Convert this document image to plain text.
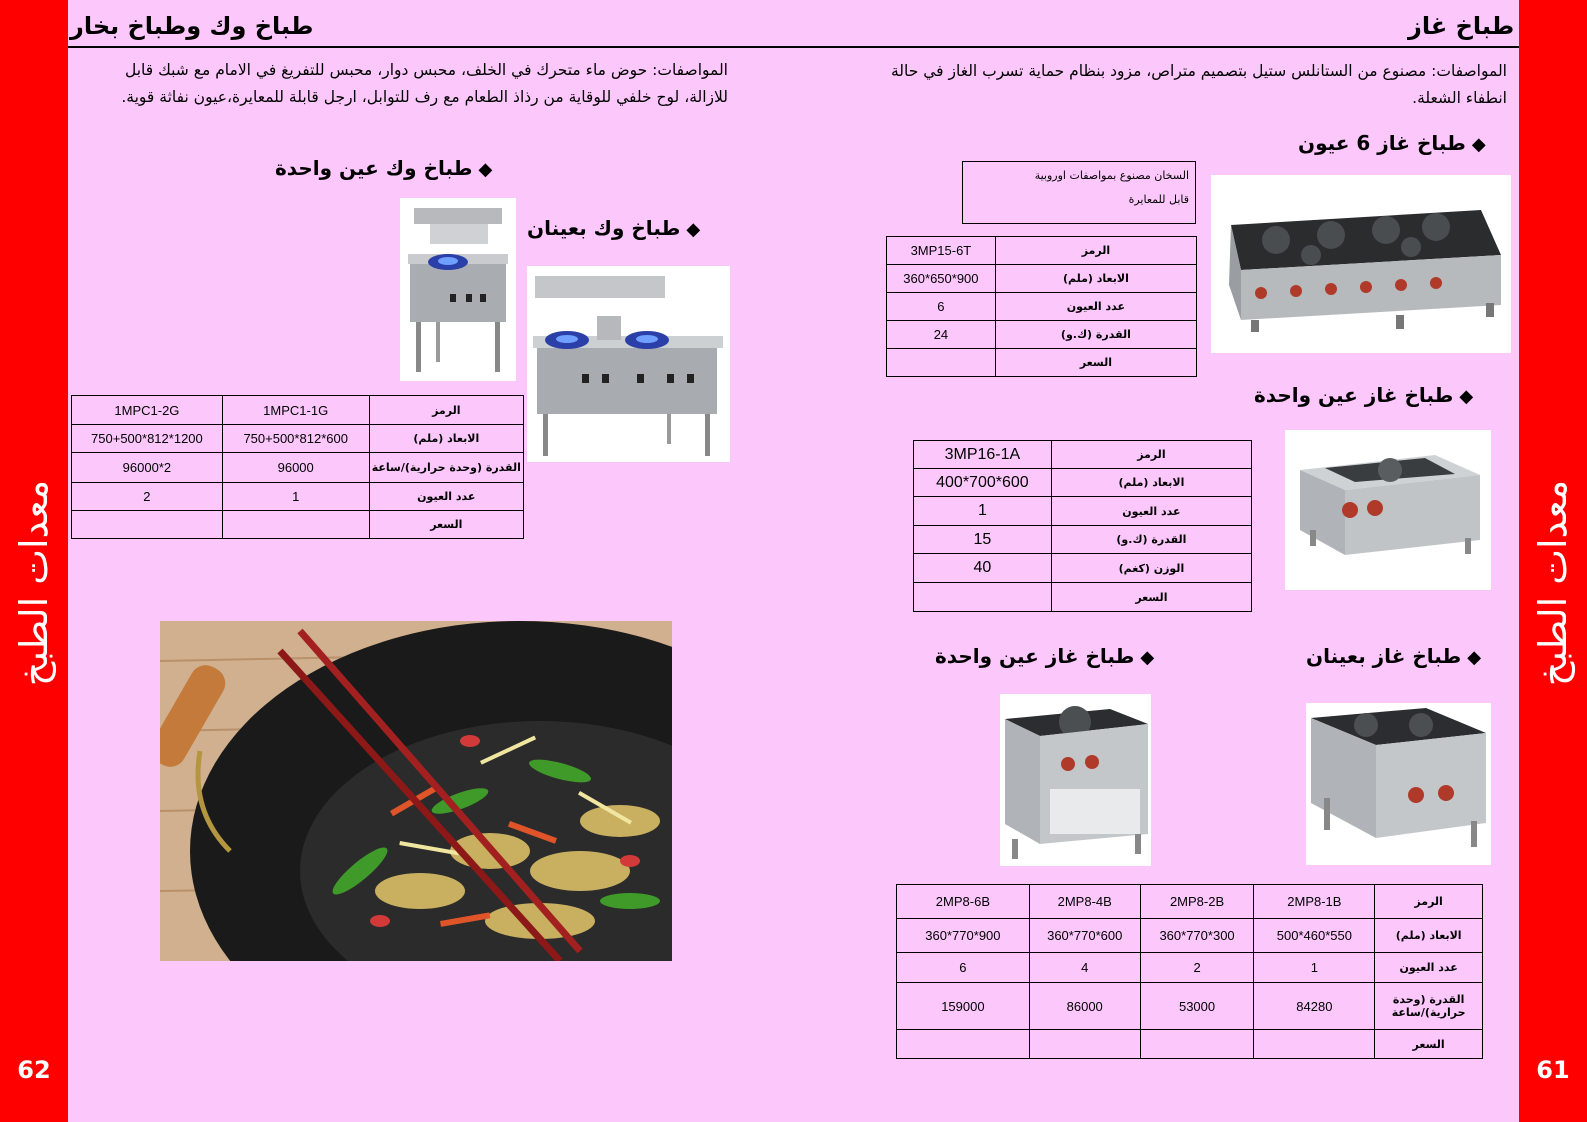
معدات الطبخ
62
معدات الطبخ
61
طباخ وك وطباخ بخار
المواصفات: حوض ماء متحرك في الخلف، محبس دوار، محبس للتفريغ في الامام مع شبك قابل للازالة، لوح خلفي للوقاية من رذاذ الطعام مع رف للتوابل، ارجل قابلة للمعايرة،عيون نفاثة قوية.
◆طباخ وك عين واحدة
◆طباخ وك بعينان
الرمز	1MPC1-1G	1MPC1-2G
الابعاد (ملم)	600*812*750+500	1200*812*750+500
القدرة (وحدة حرارية)/ساعة	96000	2*96000
عدد العيون	1	2
السعر		
طباخ غاز
المواصفات: مصنوع من الستانلس ستيل بتصميم متراص، مزود بنظام حماية تسرب الغاز في حالة انطفاء الشعلة.
◆طباخ غاز 6 عيون
السخان مصنوع بمواصفات اوروبية
قابل للمعايرة
الرمز	3MP15-6T
الابعاد (ملم)	900*650*360
عدد العيون	6
القدرة (ك.و)	24
السعر	
◆طباخ غاز عين واحدة
الرمز	3MP16-1A
الابعاد (ملم)	600*700*400
عدد العيون	1
القدرة (ك.و)	15
الوزن (كغم)	40
السعر	
◆طباخ غاز بعينان
◆طباخ غاز عين واحدة
الرمز	2MP8-1B	2MP8-2B	2MP8-4B	2MP8-6B
الابعاد (ملم)	550*460*500	300*770*360	600*770*360	900*770*360
عدد العيون	1	2	4	6
القدرة (وحدة حرارية)/ساعة	84280	53000	86000	159000
السعر				
